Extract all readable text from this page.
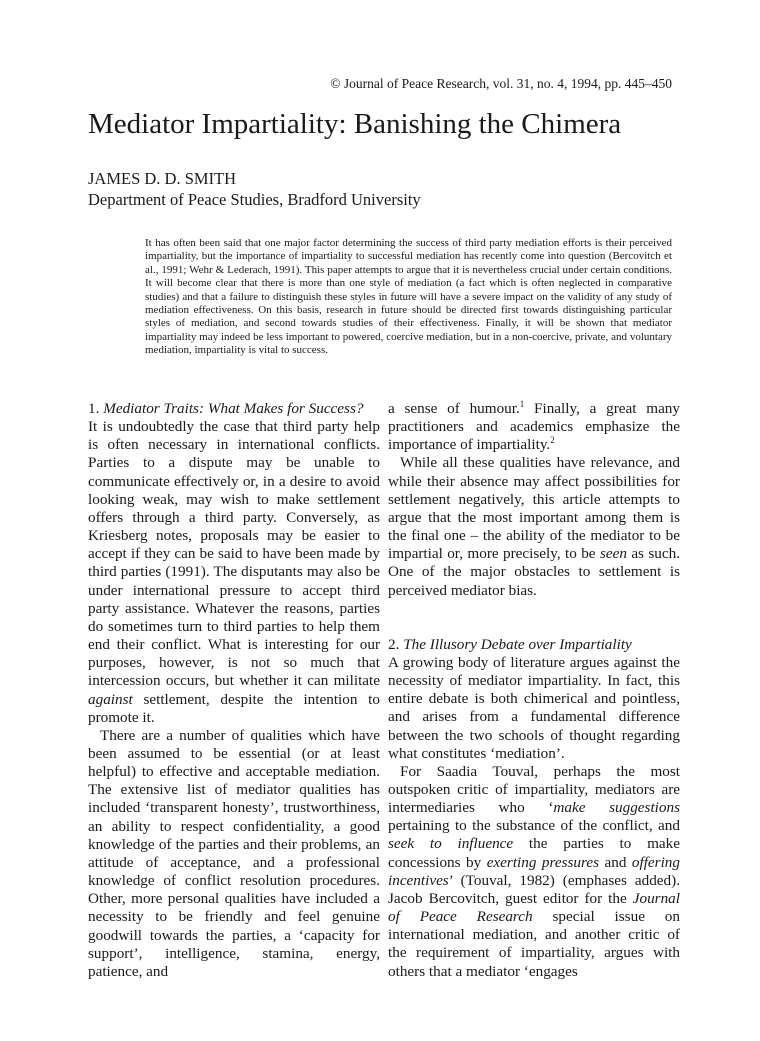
© Journal of Peace Research, vol. 31, no. 4, 1994, pp. 445–450
Mediator Impartiality: Banishing the Chimera
JAMES D. D. SMITH
Department of Peace Studies, Bradford University
It has often been said that one major factor determining the success of third party mediation efforts is their perceived impartiality, but the importance of impartiality to successful mediation has recently come into question (Bercovitch et al., 1991; Wehr & Lederach, 1991). This paper attempts to argue that it is nevertheless crucial under certain conditions. It will become clear that there is more than one style of mediation (a fact which is often neglected in comparative studies) and that a failure to distinguish these styles in future will have a severe impact on the validity of any study of mediation effectiveness. On this basis, research in future should be directed first towards distinguishing particular styles of mediation, and second towards studies of their effectiveness. Finally, it will be shown that mediator impartiality may indeed be less important to powered, coercive mediation, but in a non-coercive, private, and voluntary mediation, impartiality is vital to success.
1. Mediator Traits: What Makes for Success?

It is undoubtedly the case that third party help is often necessary in international conflicts. Parties to a dispute may be unable to communicate effectively or, in a desire to avoid looking weak, may wish to make settlement offers through a third party. Conversely, as Kriesberg notes, proposals may be easier to accept if they can be said to have been made by third parties (1991). The disputants may also be under international pressure to accept third party assistance. Whatever the reasons, parties do sometimes turn to third parties to help them end their conflict. What is interesting for our purposes, however, is not so much that intercession occurs, but whether it can militate against settlement, despite the intention to promote it.

There are a number of qualities which have been assumed to be essential (or at least helpful) to effective and acceptable mediation. The extensive list of mediator qualities has included ‘transparent honesty’, trustworthiness, an ability to respect confidentiality, a good knowledge of the parties and their problems, an attitude of acceptance, and a professional knowledge of conflict resolution procedures. Other, more personal qualities have included a necessity to be friendly and feel genuine goodwill towards the parties, a ‘capacity for support’, intelligence, stamina, energy, patience, and

a sense of humour.$^1$ Finally, a great many practitioners and academics emphasize the importance of impartiality.$^2$

While all these qualities have relevance, and while their absence may affect possibilities for settlement negatively, this article attempts to argue that the most important among them is the final one – the ability of the mediator to be impartial or, more precisely, to be seen as such. One of the major obstacles to settlement is perceived mediator bias.

2. The Illusory Debate over Impartiality

A growing body of literature argues against the necessity of mediator impartiality. In fact, this entire debate is both chimerical and pointless, and arises from a fundamental difference between the two schools of thought regarding what constitutes ‘mediation’.

For Saadia Touval, perhaps the most outspoken critic of impartiality, mediators are intermediaries who ‘make suggestions pertaining to the substance of the conflict, and seek to influence the parties to make concessions by exerting pressures and offering incentives’ (Touval, 1982) (emphases added). Jacob Bercovitch, guest editor for the Journal of Peace Research special issue on international mediation, and another critic of the requirement of impartiality, argues with others that a mediator ‘engages
